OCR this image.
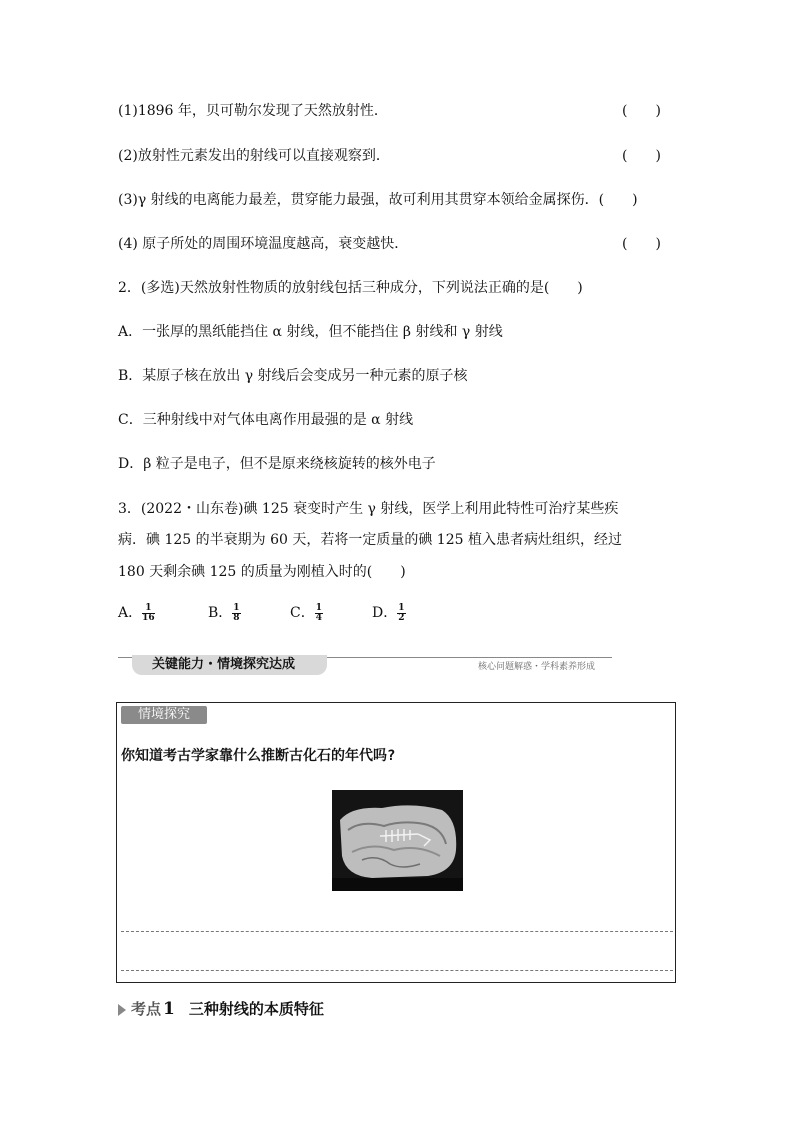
(1)1896 年，贝可勒尔发现了天然放射性．	(　　)
(2)放射性元素发出的射线可以直接观察到．	(　　)
(3)γ 射线的电离能力最差，贯穿能力最强，故可利用其贯穿本领给金属探伤．(　　)
(4) 原子所处的周围环境温度越高，衰变越快．	(　　)
2．(多选)天然放射性物质的放射线包括三种成分，下列说法正确的是(　　)
A．一张厚的黑纸能挡住 α 射线，但不能挡住 β 射线和 γ 射线
B．某原子核在放出 γ 射线后会变成另一种元素的原子核
C．三种射线中对气体电离作用最强的是 α 射线
D．β 粒子是电子，但不是原来绕核旋转的核外电子
3．(2022・山东卷)碘 125 衰变时产生 γ 射线，医学上利用此特性可治疗某些疾
病．碘 125 的半衰期为 60 天，若将一定质量的碘 125 植入患者病灶组织，经过
180 天剩余碘 125 的质量为刚植入时的(　　)
A． $\frac{1}{16}$	B． $\frac{1}{8}$	C． $\frac{1}{4}$	D． $\frac{1}{2}$
关键能力・情境探究达成	核心问题解惑・学科素养形成
情境探究
你知道考古学家靠什么推断古化石的年代吗?
考点 1 三种射线的本质特征
